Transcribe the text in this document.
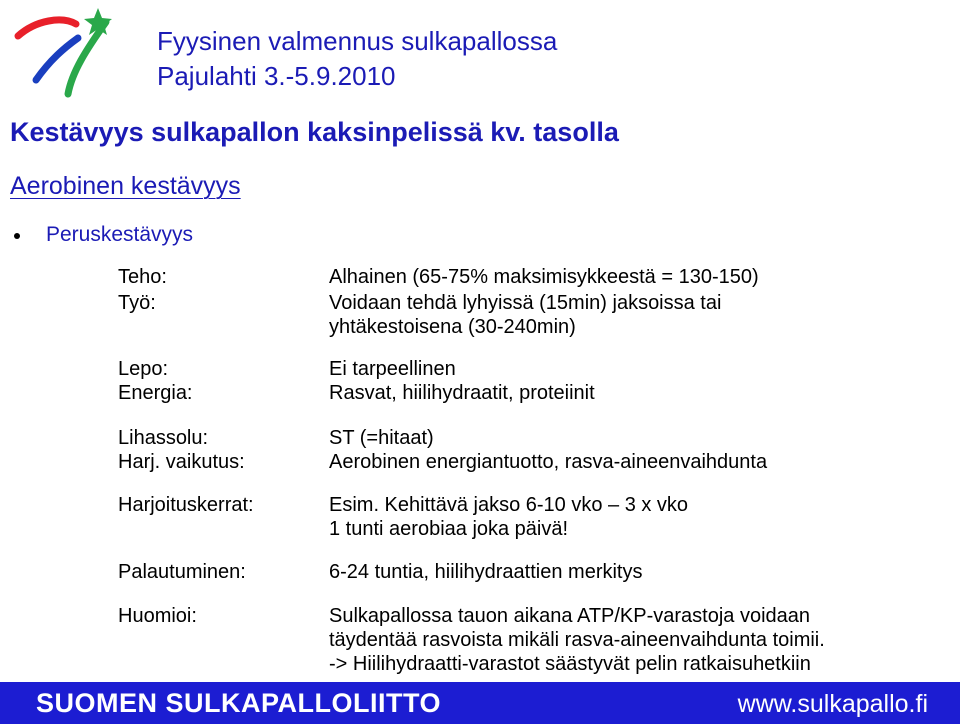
Fyysinen valmennus sulkapallossa
Pajulahti 3.-5.9.2010
Kestävyys sulkapallon kaksinpelissä kv. tasolla
Aerobinen kestävyys
Peruskestävyys
Teho:	Alhainen (65-75% maksimisykkeestä = 130-150)
Työ:	Voidaan tehdä lyhyissä (15min) jaksoissa tai
yhtäkestoisena (30-240min)
Lepo:	Ei tarpeellinen
Energia:	Rasvat, hiilihydraatit, proteiinit
Lihassolu:	ST (=hitaat)
Harj. vaikutus:	Aerobinen energiantuotto, rasva-aineenvaihdunta
Harjoituskerrat:	Esim. Kehittävä jakso 6-10 vko – 3 x vko
1 tunti aerobiaa joka päivä!
Palautuminen:	6-24 tuntia, hiilihydraattien merkitys
Huomioi:	Sulkapallossa tauon aikana ATP/KP-varastoja voidaan
täydentää rasvoista mikäli rasva-aineenvaihdunta toimii.
-> Hiilihydraatti-varastot säästyvät pelin ratkaisuhetkiin
SUOMEN SULKAPALLOLIITTO	www.sulkapallo.fi
